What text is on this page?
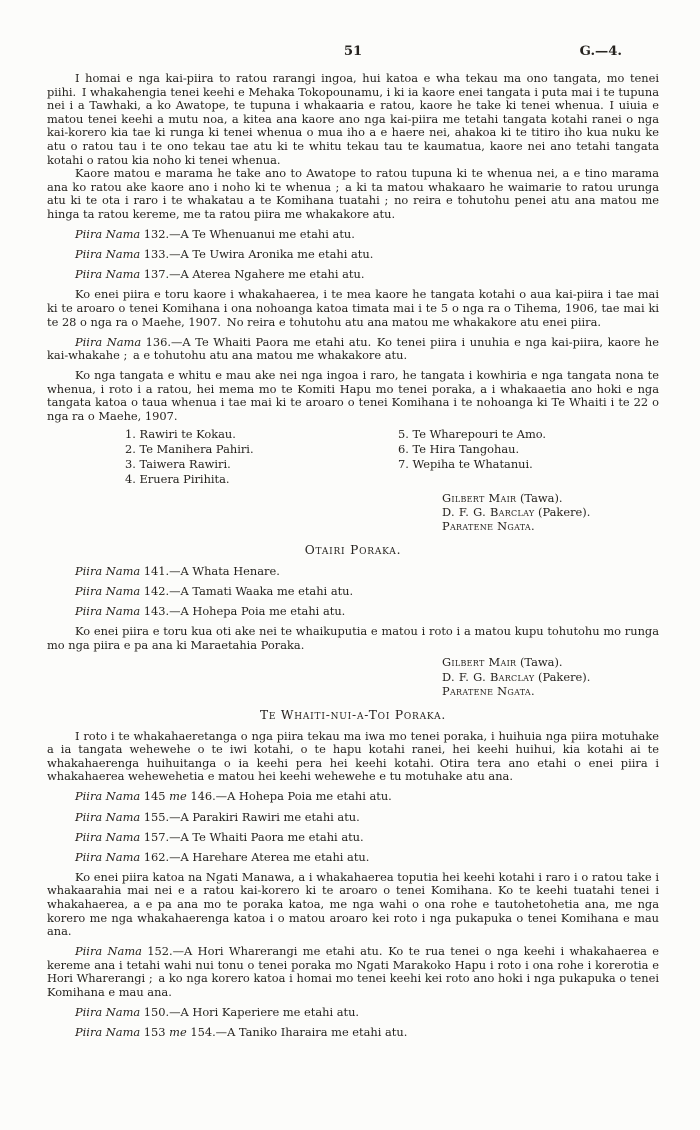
51	G.—4.

I homai e nga kai-piira to ratou rarangi ingoa, hui katoa e wha tekau ma ono tangata, mo tenei piihi. I whakahengia tenei keehi e Mehaka Tokopounamu, i ki ia kaore enei tangata i puta mai i te tupuna nei i a Tawhaki, a ko Awatope, te tupuna i whakaaria e ratou, kaore he take ki tenei whenua. I uiuia e matou tenei keehi a mutu noa, a kitea ana kaore ano nga kai-piira me tetahi tangata kotahi ranei o nga kai-korero kia tae ki runga ki tenei whenua o mua iho a e haere nei, ahakoa ki te titiro iho kua nuku ke atu o ratou tau i te ono tekau tae atu ki te whitu tekau tau te kaumatua, kaore nei ano tetahi tangata kotahi o ratou kia noho ki tenei whenua.

Kaore matou e marama he take ano to Awatope to ratou tupuna ki te whenua nei, a e tino marama ana ko ratou ake kaore ano i noho ki te whenua ; a ki ta matou whakaaro he waimarie to ratou urunga atu ki te ota i raro i te whakatau a te Komihana tuatahi ; no reira e tohutohu penei atu ana matou me hinga ta ratou kereme, me ta ratou piira me whakakore atu.

Piira Nama 132.—A Te Whenuanui me etahi atu.

Piira Nama 133.—A Te Uwira Aronika me etahi atu.

Piira Nama 137.—A Aterea Ngahere me etahi atu.

Ko enei piira e toru kaore i whakahaerea, i te mea kaore he tangata kotahi o aua kai-piira i tae mai ki te aroaro o tenei Komihana i ona nohoanga katoa timata mai i te 5 o nga ra o Tihema, 1906, tae mai ki te 28 o nga ra o Maehe, 1907. No reira e tohutohu atu ana matou me whakakore atu enei piira.

Piira Nama 136.—A Te Whaiti Paora me etahi atu. Ko tenei piira i unuhia e nga kai-piira, kaore he kai-whakahe ; a e tohutohu atu ana matou me whakakore atu.

Ko nga tangata e whitu e mau ake nei nga ingoa i raro, he tangata i kowhiria e nga tangata nona te whenua, i roto i a ratou, hei mema mo te Komiti Hapu mo tenei poraka, a i whakaaetia ano hoki e nga tangata katoa o taua whenua i tae mai ki te aroaro o tenei Komihana i te nohoanga ki Te Whaiti i te 22 o nga ra o Maehe, 1907.

1. Rawiri te Kokau.
2. Te Manihera Pahiri.
3. Taiwera Rawiri.
4. Eruera Pirihita.
5. Te Wharepouri te Amo.
6. Te Hira Tangohau.
7. Wepiha te Whatanui.
Gilbert Mair (Tawa).
D. F. G. Barclay (Pakere).
Paratene Ngata.
Otairi Poraka.

Piira Nama 141.—A Whata Henare.

Piira Nama 142.—A Tamati Waaka me etahi atu.

Piira Nama 143.—A Hohepa Poia me etahi atu.

Ko enei piira e toru kua oti ake nei te whaikuputia e matou i roto i a matou kupu tohutohu mo runga mo nga piira e pa ana ki Maraetahia Poraka.

Gilbert Mair (Tawa).
D. F. G. Barclay (Pakere).
Paratene Ngata.
Te Whaiti-nui-a-Toi Poraka.

I roto i te whakahaeretanga o nga piira tekau ma iwa mo tenei poraka, i huihuia nga piira motuhake a ia tangata wehewehe o te iwi kotahi, o te hapu kotahi ranei, hei keehi huihui, kia kotahi ai te whakahaerenga huihuitanga o ia keehi pera hei keehi kotahi. Otira tera ano etahi o enei piira i whakahaerea wehewehetia e matou hei keehi wehewehe e tu motuhake atu ana.

Piira Nama 145 me 146.—A Hohepa Poia me etahi atu.

Piira Nama 155.—A Parakiri Rawiri me etahi atu.

Piira Nama 157.—A Te Whaiti Paora me etahi atu.

Piira Nama 162.—A Harehare Aterea me etahi atu.

Ko enei piira katoa na Ngati Manawa, a i whakahaerea toputia hei keehi kotahi i raro i o ratou take i whakaarahia mai nei e a ratou kai-korero ki te aroaro o tenei Komihana. Ko te keehi tuatahi tenei i whakahaerea, a e pa ana mo te poraka katoa, me nga wahi o ona rohe e tautohetohetia ana, me nga korero me nga whakahaerenga katoa i o matou aroaro kei roto i nga pukapuka o tenei Komihana e mau ana.

Piira Nama 152.—A Hori Wharerangi me etahi atu. Ko te rua tenei o nga keehi i whakahaerea e kereme ana i tetahi wahi nui tonu o tenei poraka mo Ngati Marakoko Hapu i roto i ona rohe i korerotia e Hori Wharerangi ; a ko nga korero katoa i homai mo tenei keehi kei roto ano hoki i nga pukapuka o tenei Komihana e mau ana.

Piira Nama 150.—A Hori Kaperiere me etahi atu.

Piira Nama 153 me 154.—A Taniko Iharaira me etahi atu.
